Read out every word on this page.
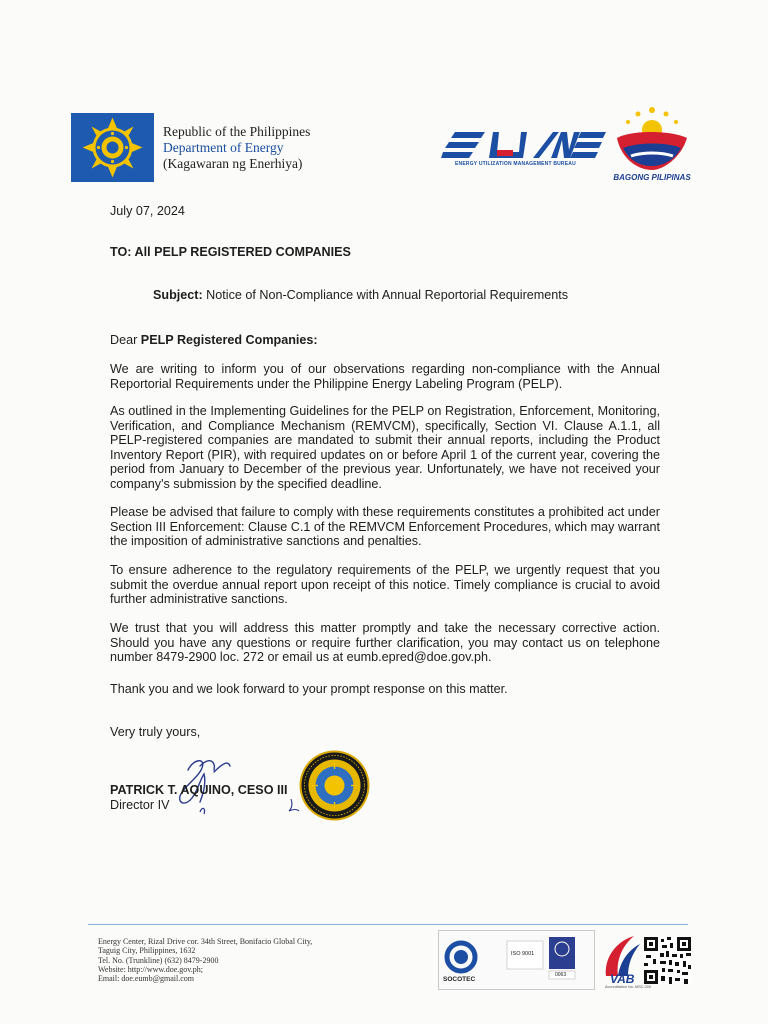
Republic of the Philippines
Department of Energy
(Kagawaran ng Enerhiya)	ENERGY UTILIZATION MANAGEMENT BUREAU
BAGONG PILIPINAS
July 07, 2024
TO: All PELP REGISTERED COMPANIES
Subject: Notice of Non-Compliance with Annual Reportorial Requirements
Dear PELP Registered Companies:
We are writing to inform you of our observations regarding non-compliance with the Annual Reportorial Requirements under the Philippine Energy Labeling Program (PELP).
As outlined in the Implementing Guidelines for the PELP on Registration, Enforcement, Monitoring, Verification, and Compliance Mechanism (REMVCM), specifically, Section VI. Clause A.1.1, all PELP-registered companies are mandated to submit their annual reports, including the Product Inventory Report (PIR), with required updates on or before April 1 of the current year, covering the period from January to December of the previous year. Unfortunately, we have not received your company's submission by the specified deadline.
Please be advised that failure to comply with these requirements constitutes a prohibited act under Section III Enforcement: Clause C.1 of the REMVCM Enforcement Procedures, which may warrant the imposition of administrative sanctions and penalties.
To ensure adherence to the regulatory requirements of the PELP, we urgently request that you submit the overdue annual report upon receipt of this notice. Timely compliance is crucial to avoid further administrative sanctions.
We trust that you will address this matter promptly and take the necessary corrective action. Should you have any questions or require further clarification, you may contact us on telephone number 8479-2900 loc. 272 or email us at eumb.epred@doe.gov.ph.
Thank you and we look forward to your prompt response on this matter.
Very truly yours,
PATRICK T. AQUINO, CESO III
Director IV
Energy Center, Rizal Drive cor. 34th Street, Bonifacio Global City,
Taguig City, Philippines, 1632
Tel. No. (Trunkline) (632) 8479-2900
Website: http://www.doe.gov.ph;
Email: doe.eumb@gmail.com	SOCOTEC
ISO 9001
0063	VAB
Accreditation No. MSC-005
